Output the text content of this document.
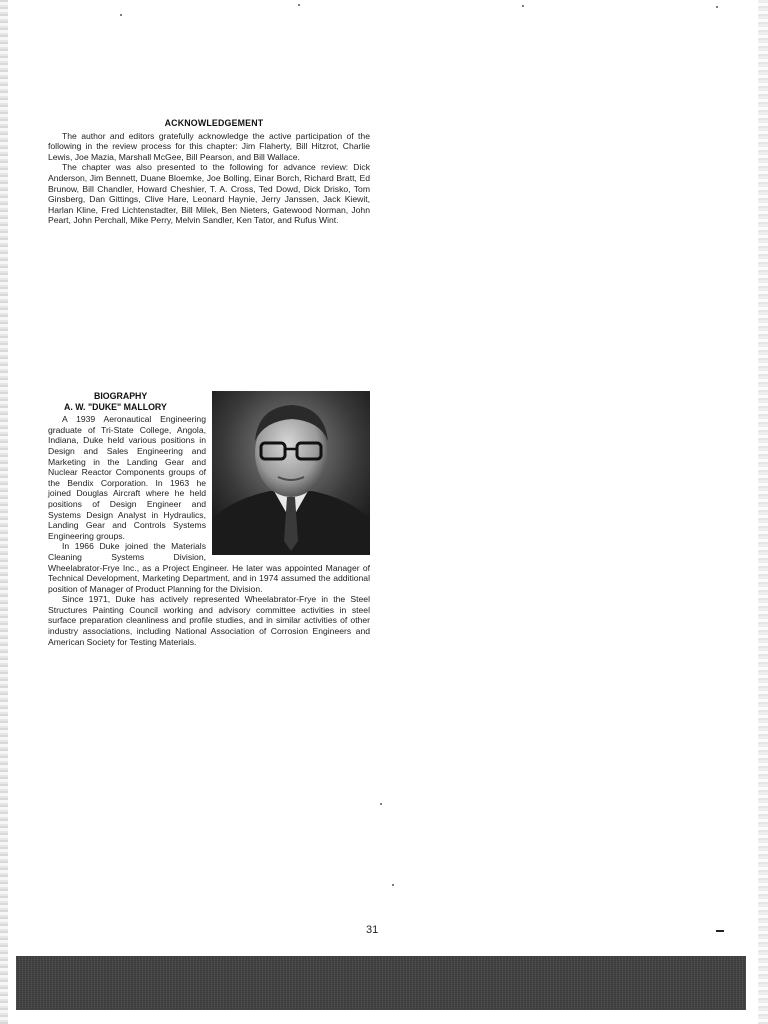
ACKNOWLEDGEMENT

The author and editors gratefully acknowledge the active participation of the following in the review process for this chapter: Jim Flaherty, Bill Hitzrot, Charlie Lewis, Joe Mazia, Marshall McGee, Bill Pearson, and Bill Wallace.

The chapter was also presented to the following for advance review: Dick Anderson, Jim Bennett, Duane Bloemke, Joe Bolling, Einar Borch, Richard Bratt, Ed Brunow, Bill Chandler, Howard Cheshier, T. A. Cross, Ted Dowd, Dick Drisko, Tom Ginsberg, Dan Gittings, Clive Hare, Leonard Haynie, Jerry Janssen, Jack Kiewit, Harlan Kline, Fred Lichtenstadter, Bill Milek, Ben Nieters, Gatewood Norman, John Peart, John Perchall, Mike Perry, Melvin Sandler, Ken Tator, and Rufus Wint.

BIOGRAPHY
A. W. "DUKE" MALLORY

A 1939 Aeronautical Engineering graduate of Tri-State College, Angola, Indiana, Duke held various positions in Design and Sales Engineering and Marketing in the Landing Gear and Nuclear Reactor Components groups of the Bendix Corporation. In 1963 he joined Douglas Aircraft where he held positions of Design Engineer and Systems Design Analyst in Hydraulics, Landing Gear and Controls Systems Engineering groups.

In 1966 Duke joined the Materials Cleaning Systems Division, Wheelabrator-Frye Inc., as a Project Engineer. He later was appointed Manager of Technical Development, Marketing Department, and in 1974 assumed the additional position of Manager of Product Planning for the Division.

Since 1971, Duke has actively represented Wheelabrator-Frye in the Steel Structures Painting Council working and advisory committee activities in steel surface preparation cleanliness and profile studies, and in similar activities of other industry associations, including National Association of Corrosion Engineers and American Society for Testing Materials.

31
